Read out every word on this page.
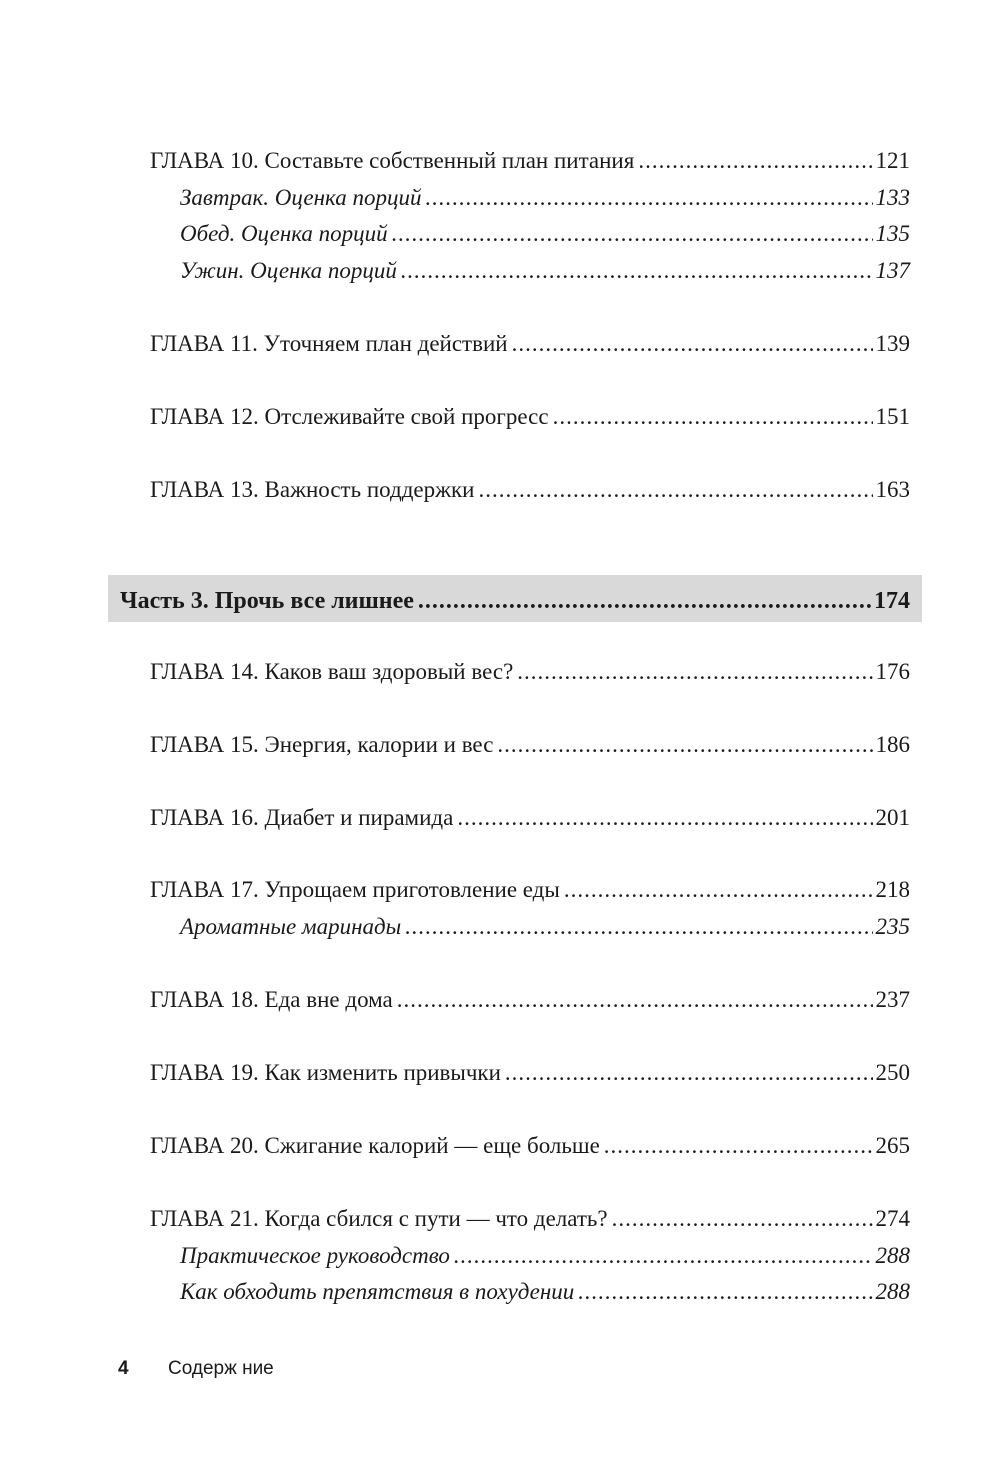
ГЛАВА 10. Составьте собственный план питания .....	121
Завтрак. Оценка порций .....	133
Обед. Оценка порций .....	135
Ужин. Оценка порций .....	137
ГЛАВА 11. Уточняем план действий .....	139
ГЛАВА 12. Отслеживайте свой прогресс .....	151
ГЛАВА 13. Важность поддержки .....	163
Часть 3. Прочь все лишнее .....	174
ГЛАВА 14. Каков ваш здоровый вес? .....	176
ГЛАВА 15. Энергия, калории и вес .....	186
ГЛАВА 16. Диабет и пирамида .....	201
ГЛАВА 17. Упрощаем приготовление еды .....	218
Ароматные маринады .....	235
ГЛАВА 18. Еда вне дома .....	237
ГЛАВА 19. Как изменить привычки .....	250
ГЛАВА 20. Сжигание калорий — еще больше .....	265
ГЛАВА 21. Когда сбился с пути — что делать? .....	274
Практическое руководство .....	288
Как обходить препятствия в похудении .....	288
4	Содерж ние
